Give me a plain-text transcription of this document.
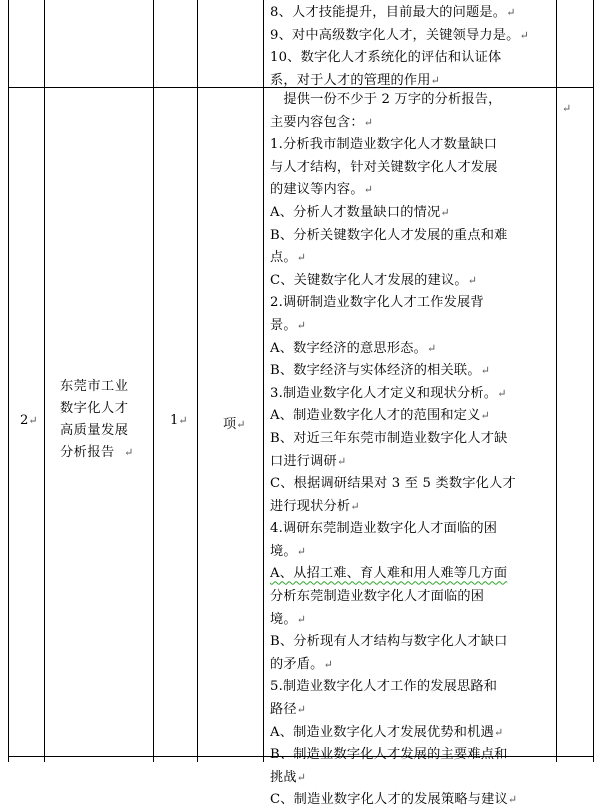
8、人才技能提升，目前最大的问题是。↵
9、对中高级数字化人才，关键领导力是。↵
10、数字化人才系统化的评估和认证体
系，对于人才的管理的作用↵
2↵
东莞市工业
数字化人才
高质量发展
分析报告 ↵
1↵	项↵
↵
　提供一份不少于 2 万字的分析报告，
主要内容包含：↵
1.分析我市制造业数字化人才数量缺口
与人才结构，针对关键数字化人才发展
的建议等内容。↵
A、分析人才数量缺口的情况↵
B、分析关键数字化人才发展的重点和难
点。↵
C、关键数字化人才发展的建议。↵
2.调研制造业数字化人才工作发展背
景。↵
A、数字经济的意思形态。↵
B、数字经济与实体经济的相关联。↵
3.制造业数字化人才定义和现状分析。↵
A、制造业数字化人才的范围和定义↵
B、对近三年东莞市制造业数字化人才缺
口进行调研↵
C、根据调研结果对 3 至 5 类数字化人才
进行现状分析↵
4.调研东莞制造业数字化人才面临的困
境。↵
A、从招工难、育人难和用人难等几方面
分析东莞制造业数字化人才面临的困
境。↵
B、分析现有人才结构与数字化人才缺口
的矛盾。↵
5.制造业数字化人才工作的发展思路和
路径↵
A、制造业数字化人才发展优势和机遇↵
B、制造业数字化人才发展的主要难点和
挑战↵
C、制造业数字化人才的发展策略与建议↵
